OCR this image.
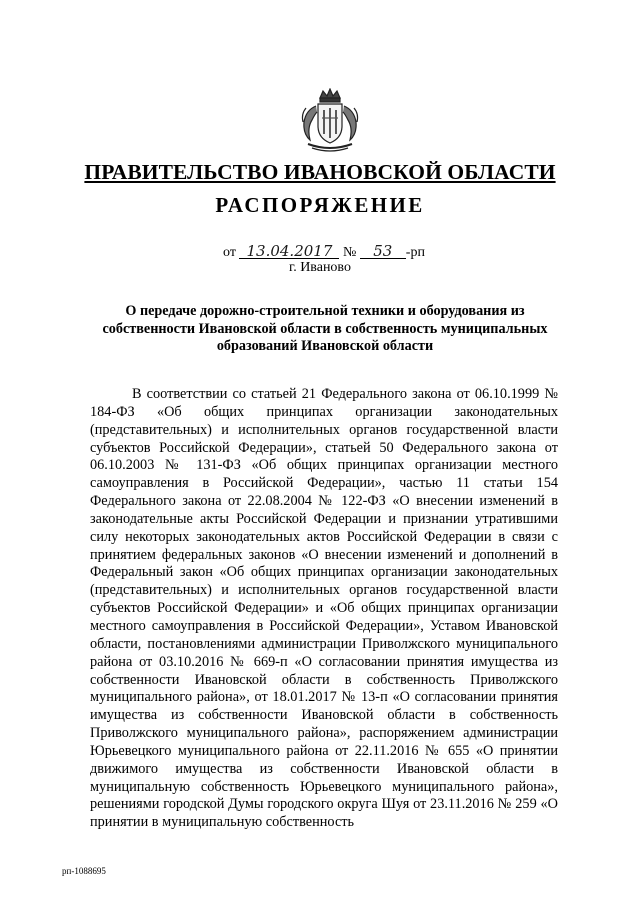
ПРАВИТЕЛЬСТВО ИВАНОВСКОЙ ОБЛАСТИ
РАСПОРЯЖЕНИЕ
от 13.04.2017 № 53 -рп
г. Иваново
О передаче дорожно-строительной техники и оборудования из собственности Ивановской области в собственность муниципальных образований Ивановской области

В соответствии со статьей 21 Федерального закона от 06.10.1999 № 184-ФЗ «Об общих принципах организации законодательных (представительных) и исполнительных органов государственной власти субъектов Российской Федерации», статьей 50 Федерального закона от 06.10.2003 № 131-ФЗ «Об общих принципах организации местного самоуправления в Российской Федерации», частью 11 статьи 154 Федерального закона от 22.08.2004 № 122-ФЗ «О внесении изменений в законодательные акты Российской Федерации и признании утратившими силу некоторых законодательных актов Российской Федерации в связи с принятием федеральных законов «О внесении изменений и дополнений в Федеральный закон «Об общих принципах организации законодательных (представительных) и исполнительных органов государственной власти субъектов Российской Федерации» и «Об общих принципах организации местного самоуправления в Российской Федерации», Уставом Ивановской области, постановлениями администрации Приволжского муниципального района от 03.10.2016 № 669-п «О согласовании принятия имущества из собственности Ивановской области в собственность Приволжского муниципального района», от 18.01.2017 № 13-п «О согласовании принятия имущества из собственности Ивановской области в собственность Приволжского муниципального района», распоряжением администрации Юрьевецкого муниципального района от 22.11.2016 № 655 «О принятии движимого имущества из собственности Ивановской области в муниципальную собственность Юрьевецкого муниципального района», решениями городской Думы городского округа Шуя от 23.11.2016 № 259 «О принятии в муниципальную собственность

рп-1088695
